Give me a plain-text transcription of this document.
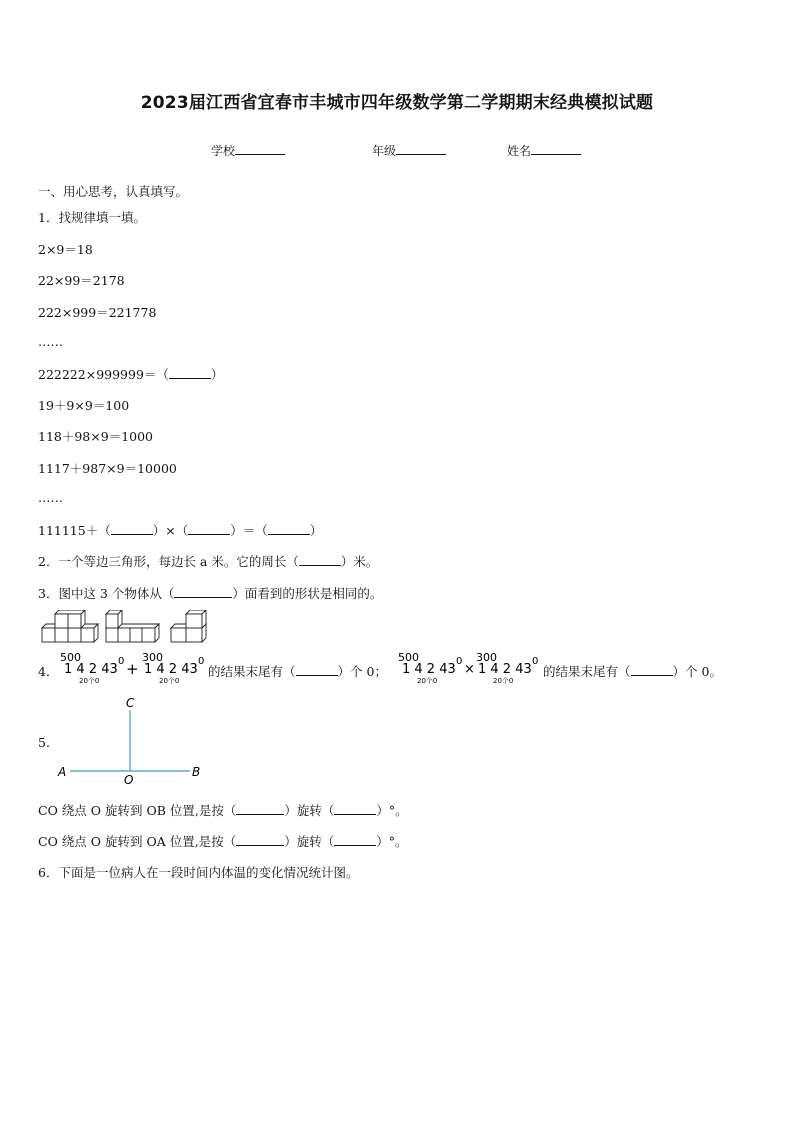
2023届江西省宜春市丰城市四年级数学第二学期期末经典模拟试题
学校	年级	姓名
一、用心思考，认真填写。
1．找规律填一填。
2×9＝18
22×99＝2178
222×999＝221778
……
222222×999999＝（	）
19＋9×9＝100
118＋98×9＝1000
1117＋987×9＝10000
……
111115＋（	）×（	）＝（	）
2．一个等边三角形，每边长 a 米。它的周长（	）米。
3．图中这 3 个物体从（	）面看到的形状是相同的。
4．
500
1 4 2 43
0 +
300
1 4 2 43
0
20个0	20个0
的结果末尾有（	）个 0；
500
1 4 2 43
0
×
300
1 4 2 43
0
20个0	20个0
的结果末尾有（	）个 0。
5.
C
A
O
B
CO 绕点 O 旋转到 OB 位置,是按（	）旋转（	）°。
CO 绕点 O 旋转到 OA 位置,是按（	）旋转（	）°。
6．下面是一位病人在一段时间内体温的变化情况统计图。
